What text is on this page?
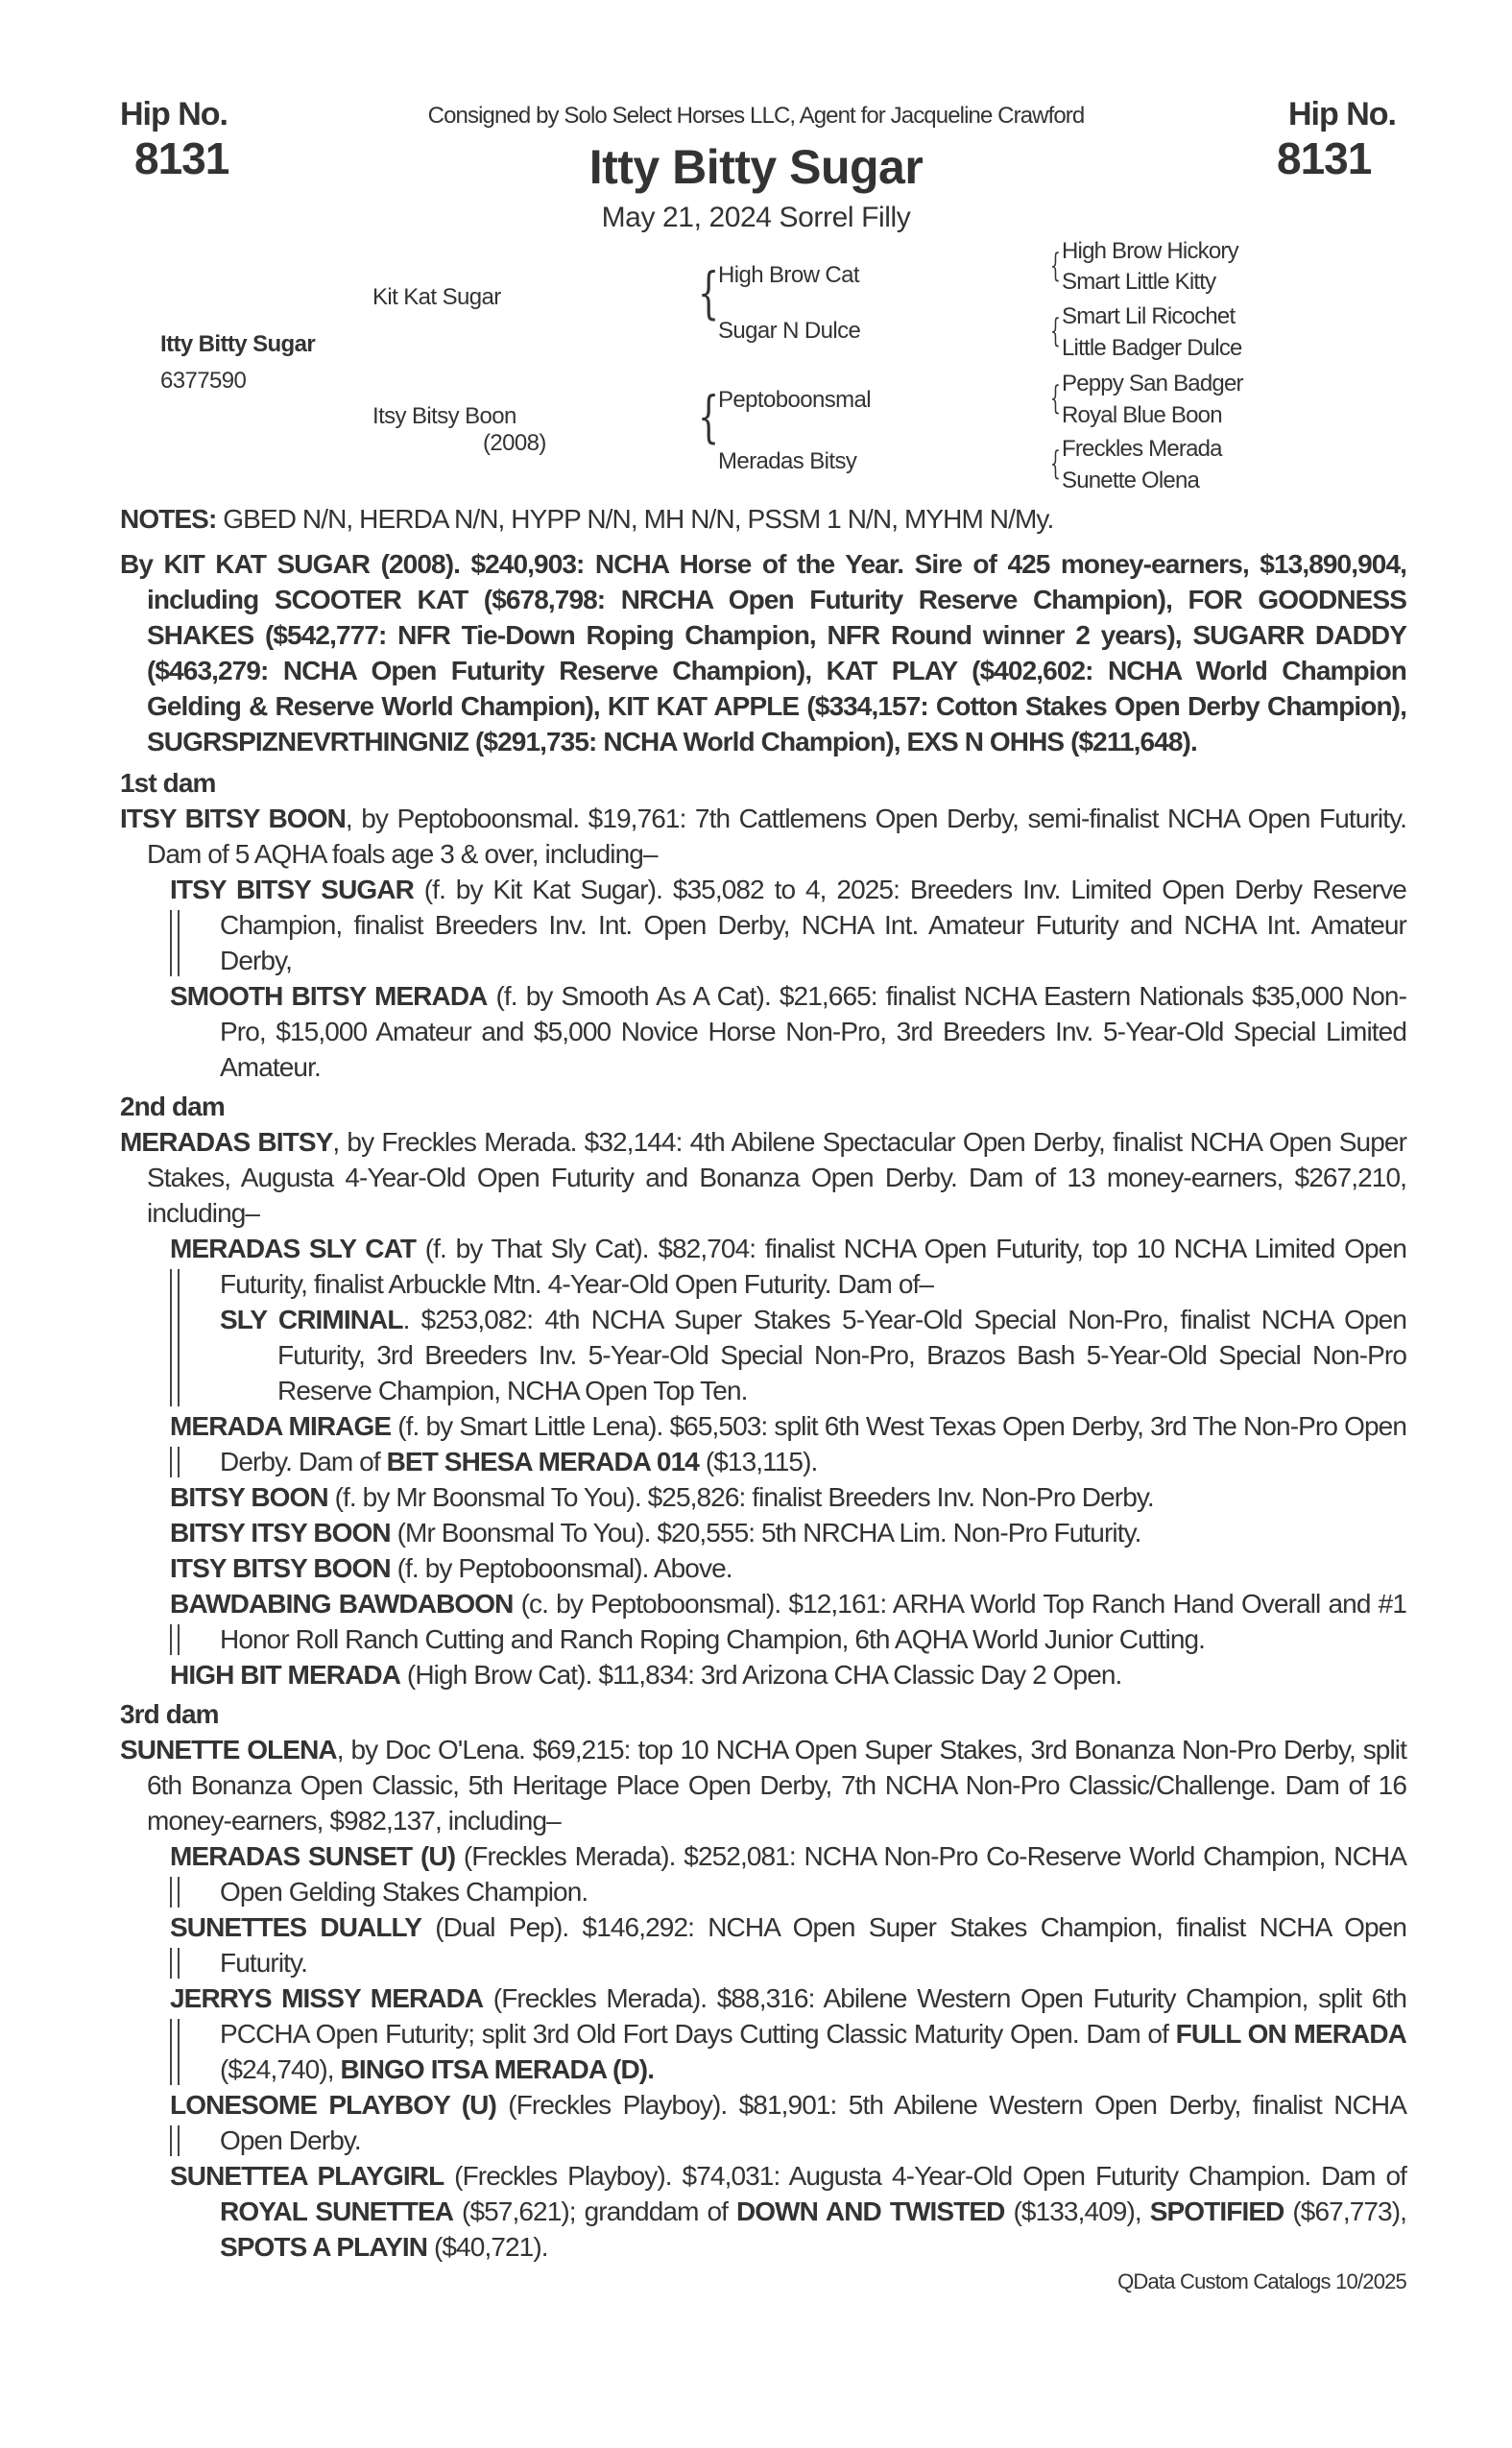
Hip No.
8131
Hip No.
8131
Consigned by Solo Select Horses LLC, Agent for Jacqueline Crawford
Itty Bitty Sugar
May 21, 2024 Sorrel Filly
Itty Bitty Sugar
6377590
Kit Kat Sugar
Itsy Bitsy Boon
(2008)
{
High Brow Cat
Sugar N Dulce
{
Peptoboonsmal
Meradas Bitsy
{ High Brow Hickory
Smart Little Kitty
{ Smart Lil Ricochet
Little Badger Dulce
{ Peppy San Badger
Royal Blue Boon
{ Freckles Merada
Sunette Olena
NOTES: GBED N/N, HERDA N/N, HYPP N/N, MH N/N, PSSM 1 N/N, MYHM N/My.
By KIT KAT SUGAR (2008). $240,903: NCHA Horse of the Year. Sire of 425 money-earners, $13,890,904, including SCOOTER KAT ($678,798: NRCHA Open Futurity Reserve Champion), FOR GOODNESS SHAKES ($542,777: NFR Tie-Down Roping Champion, NFR Round winner 2 years), SUGARR DADDY ($463,279: NCHA Open Futurity Reserve Champion), KAT PLAY ($402,602: NCHA World Champion Gelding & Reserve World Champion), KIT KAT APPLE ($334,157: Cotton Stakes Open Derby Champion), SUGRSPIZNEVRTHINGNIZ ($291,735: NCHA World Champion), EXS N OHHS ($211,648).
1st dam
ITSY BITSY BOON, by Peptoboonsmal. $19,761: 7th Cattlemens Open Derby, semi-finalist NCHA Open Futurity. Dam of 5 AQHA foals age 3 & over, including–
ITSY BITSY SUGAR (f. by Kit Kat Sugar). $35,082 to 4, 2025: Breeders Inv. Limited Open Derby Reserve Champion, finalist Breeders Inv. Int. Open Derby, NCHA Int. Amateur Futurity and NCHA Int. Amateur Derby,
SMOOTH BITSY MERADA (f. by Smooth As A Cat). $21,665: finalist NCHA Eastern Nationals $35,000 Non-Pro, $15,000 Amateur and $5,000 Novice Horse Non-Pro, 3rd Breeders Inv. 5-Year-Old Special Limited Amateur.
2nd dam
MERADAS BITSY, by Freckles Merada. $32,144: 4th Abilene Spectacular Open Derby, finalist NCHA Open Super Stakes, Augusta 4-Year-Old Open Futurity and Bonanza Open Derby. Dam of 13 money-earners, $267,210, including–
MERADAS SLY CAT (f. by That Sly Cat). $82,704: finalist NCHA Open Futurity, top 10 NCHA Limited Open Futurity, finalist Arbuckle Mtn. 4-Year-Old Open Futurity. Dam of–
SLY CRIMINAL. $253,082: 4th NCHA Super Stakes 5-Year-Old Special Non-Pro, finalist NCHA Open Futurity, 3rd Breeders Inv. 5-Year-Old Special Non-Pro, Brazos Bash 5-Year-Old Special Non-Pro Reserve Champion, NCHA Open Top Ten.
MERADA MIRAGE (f. by Smart Little Lena). $65,503: split 6th West Texas Open Derby, 3rd The Non-Pro Open Derby. Dam of BET SHESA MERADA 014 ($13,115).
BITSY BOON (f. by Mr Boonsmal To You). $25,826: finalist Breeders Inv. Non-Pro Derby.
BITSY ITSY BOON (Mr Boonsmal To You). $20,555: 5th NRCHA Lim. Non-Pro Futurity.
ITSY BITSY BOON (f. by Peptoboonsmal). Above.
BAWDABING BAWDABOON (c. by Peptoboonsmal). $12,161: ARHA World Top Ranch Hand Overall and #1 Honor Roll Ranch Cutting and Ranch Roping Champion, 6th AQHA World Junior Cutting.
HIGH BIT MERADA (High Brow Cat). $11,834: 3rd Arizona CHA Classic Day 2 Open.
3rd dam
SUNETTE OLENA, by Doc O'Lena. $69,215: top 10 NCHA Open Super Stakes, 3rd Bonanza Non-Pro Derby, split 6th Bonanza Open Classic, 5th Heritage Place Open Derby, 7th NCHA Non-Pro Classic/Challenge. Dam of 16 money-earners, $982,137, including–
MERADAS SUNSET (U) (Freckles Merada). $252,081: NCHA Non-Pro Co-Reserve World Champion, NCHA Open Gelding Stakes Champion.
SUNETTES DUALLY (Dual Pep). $146,292: NCHA Open Super Stakes Champion, finalist NCHA Open Futurity.
JERRYS MISSY MERADA (Freckles Merada). $88,316: Abilene Western Open Futurity Champion, split 6th PCCHA Open Futurity; split 3rd Old Fort Days Cutting Classic Maturity Open. Dam of FULL ON MERADA ($24,740), BINGO ITSA MERADA (D).
LONESOME PLAYBOY (U) (Freckles Playboy). $81,901: 5th Abilene Western Open Derby, finalist NCHA Open Derby.
SUNETTEA PLAYGIRL (Freckles Playboy). $74,031: Augusta 4-Year-Old Open Futurity Champion. Dam of ROYAL SUNETTEA ($57,621); granddam of DOWN AND TWISTED ($133,409), SPOTIFIED ($67,773), SPOTS A PLAYIN ($40,721).
QData Custom Catalogs 10/2025
